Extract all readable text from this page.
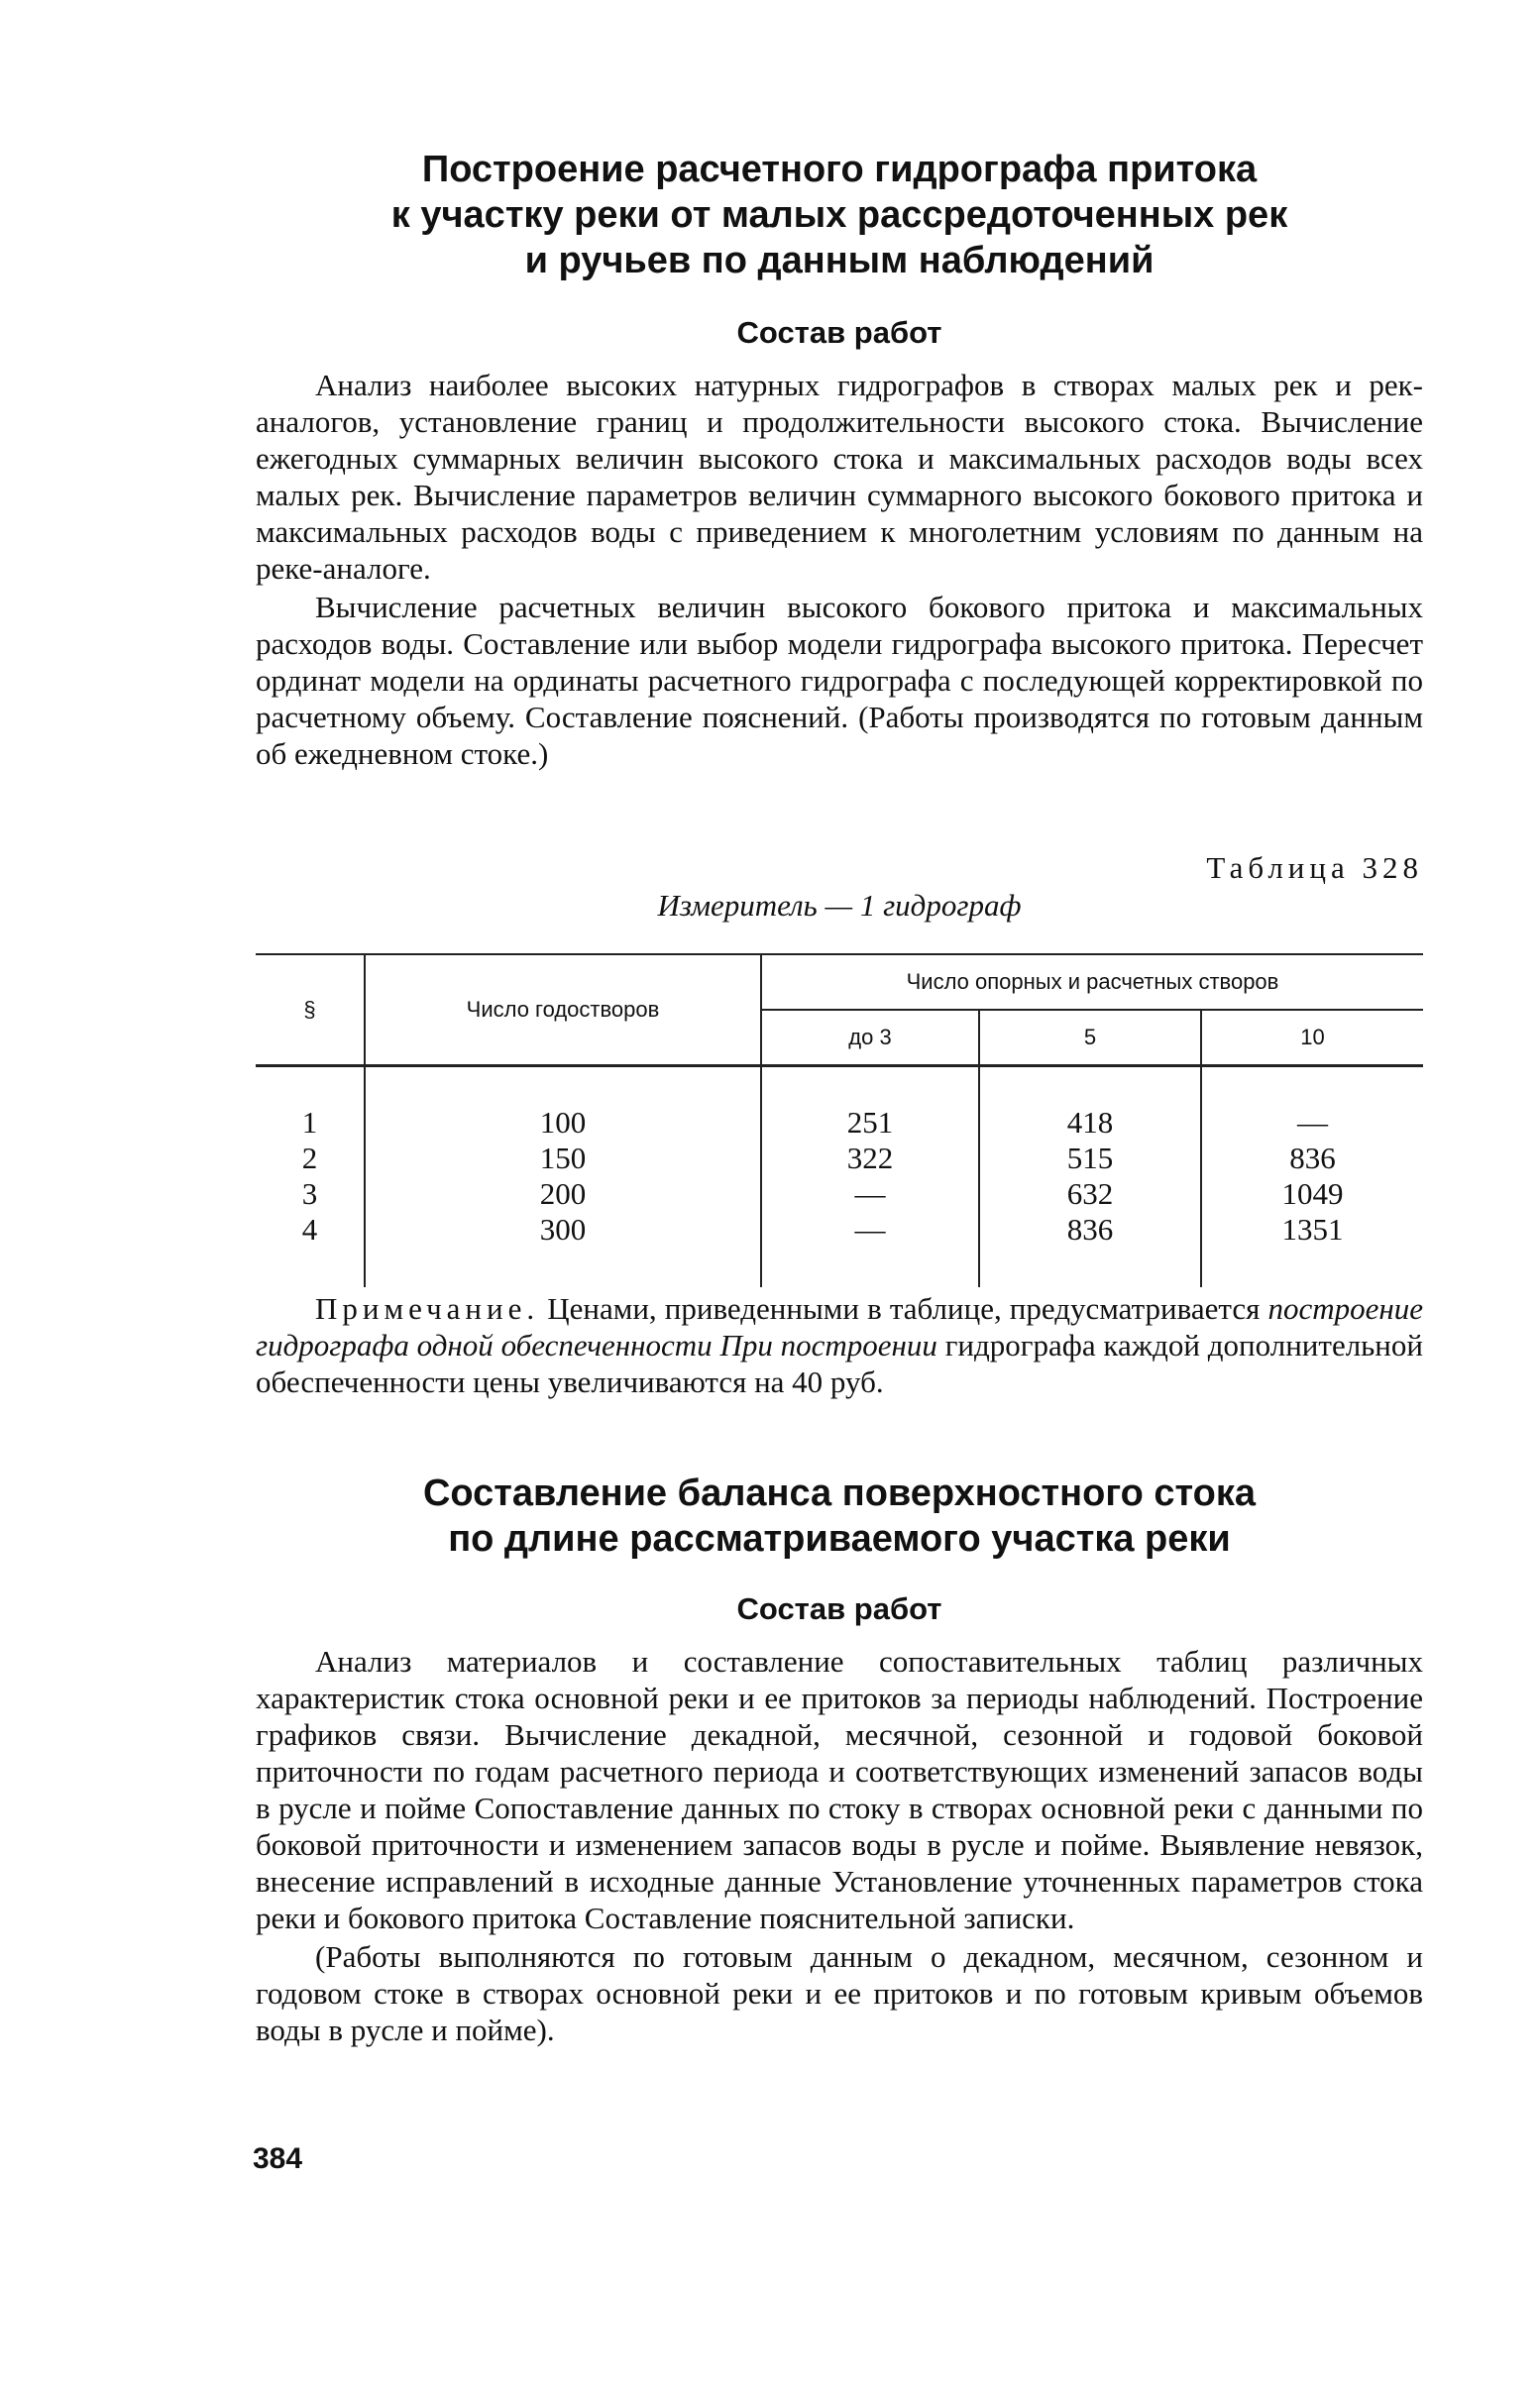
Построение расчетного гидрографа притока
к участку реки от малых рассредоточенных рек
и ручьев по данным наблюдений
Состав работ

Анализ наиболее высоких натурных гидрографов в створах малых рек и рек-аналогов, установление границ и продолжительности высокого стока. Вычисление ежегодных суммарных величин высокого стока и максимальных расходов воды всех малых рек. Вычисление параметров величин суммарного высокого бокового притока и максимальных расходов воды с приведением к многолетним условиям по данным на реке-аналоге.

Вычисление расчетных величин высокого бокового притока и максимальных расходов воды. Составление или выбор модели гидрографа высокого притока. Пересчет ординат модели на ординаты расчетного гидрографа с последующей корректировкой по расчетному объему. Составление пояснений. (Работы производятся по готовым данным об ежедневном стоке.)

Таблица 328
Измеритель — 1 гидрограф
§	Число годостворов	Число опорных и расчетных створов		
		до 3	5	10
1	100	251	418	—
2	150	322	515	836
3	200	—	632	1049
4	300	—	836	1351

Примечание. Ценами, приведенными в таблице, предусматривается построение гидрографа одной обеспеченности При построении гидрографа каждой дополнительной обеспеченности цены увеличиваются на 40 руб.

Составление баланса поверхностного стока
по длине рассматриваемого участка реки
Состав работ

Анализ материалов и составление сопоставительных таблиц различных характеристик стока основной реки и ее притоков за периоды наблюдений. Построение графиков связи. Вычисление декадной, месячной, сезонной и годовой боковой приточности по годам расчетного периода и соответствующих изменений запасов воды в русле и пойме Сопоставление данных по стоку в створах основной реки с данными по боковой приточности и изменением запасов воды в русле и пойме. Выявление невязок, внесение исправлений в исходные данные Установление уточненных параметров стока реки и бокового притока Составление пояснительной записки.

(Работы выполняются по готовым данным о декадном, месячном, сезонном и годовом стоке в створах основной реки и ее притоков и по готовым кривым объемов воды в русле и пойме).

384
